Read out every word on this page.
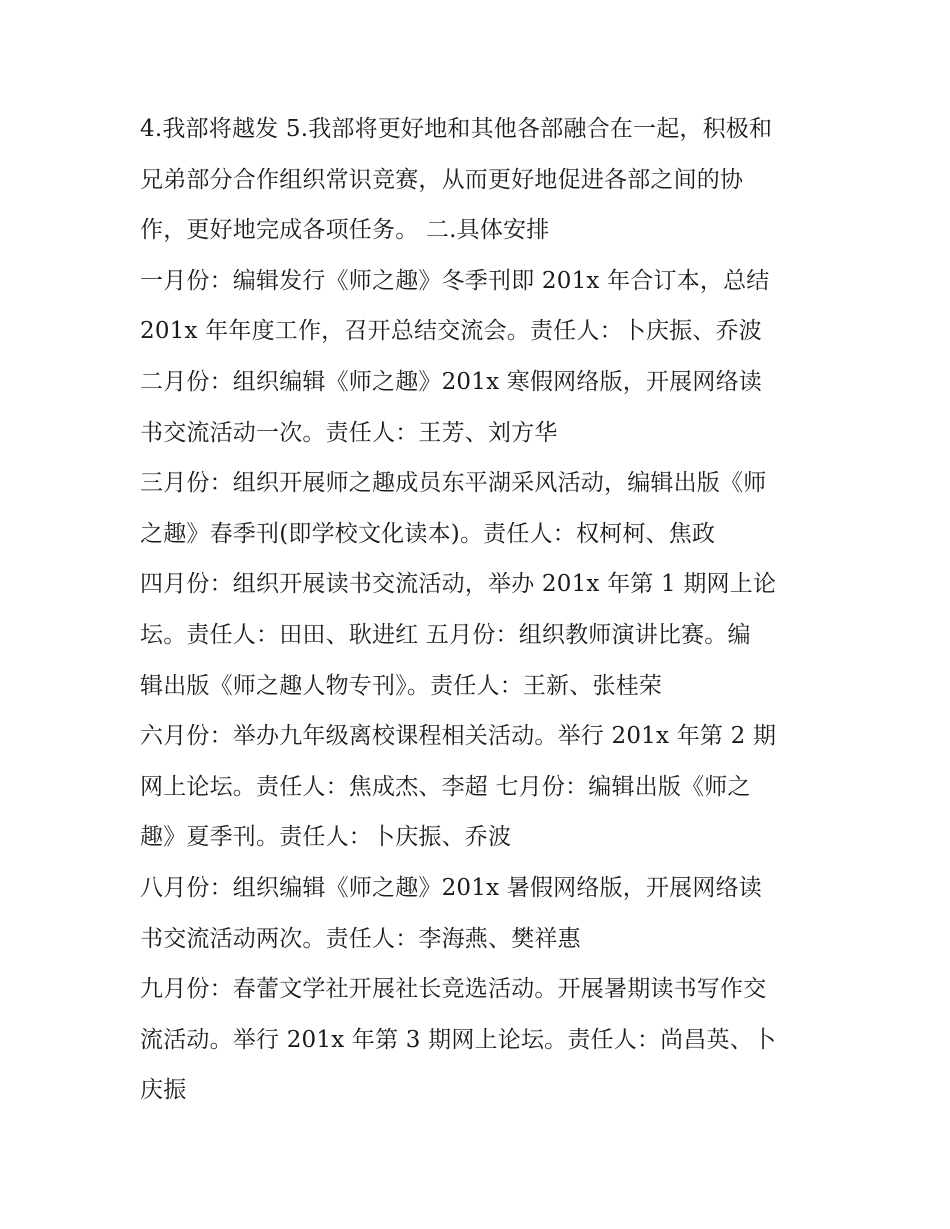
4.我部将越发 5.我部将更好地和其他各部融合在一起，积极和
兄弟部分合作组织常识竞赛，从而更好地促进各部之间的协
作，更好地完成各项任务。 二.具体安排
一月份：编辑发行《师之趣》冬季刊即 201x 年合订本，总结
201x 年年度工作，召开总结交流会。责任人：卜庆振、乔波
二月份：组织编辑《师之趣》201x 寒假网络版，开展网络读
书交流活动一次。责任人：王芳、刘方华
三月份：组织开展师之趣成员东平湖采风活动，编辑出版《师
之趣》春季刊(即学校文化读本)。责任人：权柯柯、焦政
四月份：组织开展读书交流活动，举办 201x 年第 1 期网上论
坛。责任人：田田、耿进红 五月份：组织教师演讲比赛。编
辑出版《师之趣人物专刊》。责任人：王新、张桂荣
六月份：举办九年级离校课程相关活动。举行 201x 年第 2 期
网上论坛。责任人：焦成杰、李超 七月份：编辑出版《师之
趣》夏季刊。责任人：卜庆振、乔波
八月份：组织编辑《师之趣》201x 暑假网络版，开展网络读
书交流活动两次。责任人：李海燕、樊祥惠
九月份：春蕾文学社开展社长竞选活动。开展暑期读书写作交
流活动。举行 201x 年第 3 期网上论坛。责任人：尚昌英、卜
庆振
